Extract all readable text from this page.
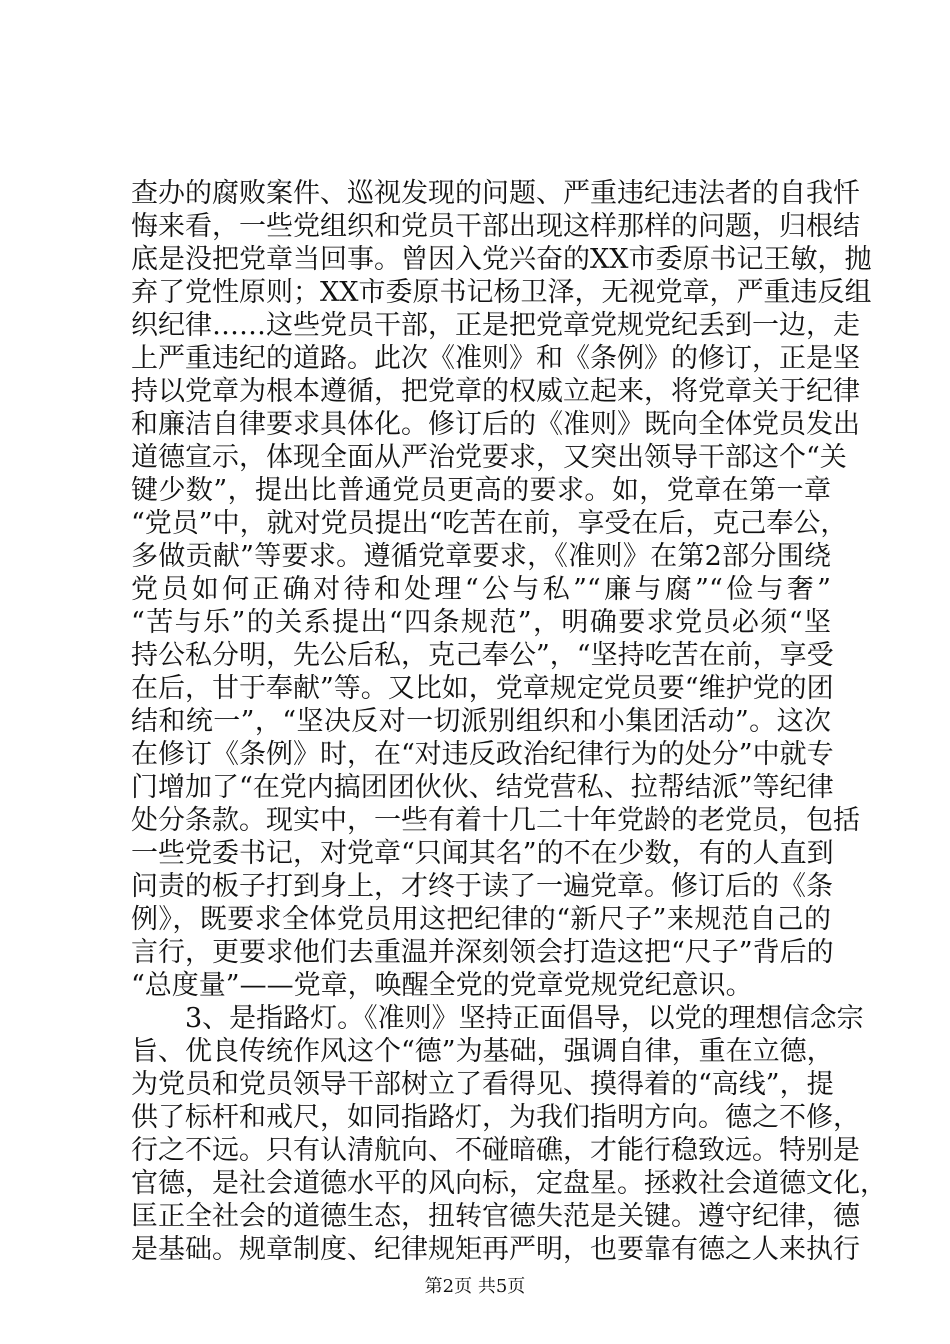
查办的腐败案件、巡视发现的问题、严重违纪违法者的自我忏
悔来看，一些党组织和党员干部出现这样那样的问题，归根结
底是没把党章当回事。曾因入党兴奋的XX市委原书记王敏，抛
弃了党性原则；XX市委原书记杨卫泽，无视党章，严重违反组
织纪律……这些党员干部，正是把党章党规党纪丢到一边，走
上严重违纪的道路。此次《准则》和《条例》的修订，正是坚
持以党章为根本遵循，把党章的权威立起来，将党章关于纪律
和廉洁自律要求具体化。修订后的《准则》既向全体党员发出
道德宣示，体现全面从严治党要求，又突出领导干部这个“关
键少数”，提出比普通党员更高的要求。如，党章在第一章
“党员”中，就对党员提出“吃苦在前，享受在后，克己奉公，
多做贡献”等要求。遵循党章要求，《准则》在第2部分围绕
党员如何正确对待和处理“公与私”“廉与腐”“俭与奢”
“苦与乐”的关系提出“四条规范”，明确要求党员必须“坚
持公私分明，先公后私，克己奉公”，“坚持吃苦在前，享受
在后，甘于奉献”等。又比如，党章规定党员要“维护党的团
结和统一”，“坚决反对一切派别组织和小集团活动”。这次
在修订《条例》时，在“对违反政治纪律行为的处分”中就专
门增加了“在党内搞团团伙伙、结党营私、拉帮结派”等纪律
处分条款。现实中，一些有着十几二十年党龄的老党员，包括
一些党委书记，对党章“只闻其名”的不在少数，有的人直到
问责的板子打到身上，才终于读了一遍党章。修订后的《条
例》，既要求全体党员用这把纪律的“新尺子”来规范自己的
言行，更要求他们去重温并深刻领会打造这把“尺子”背后的
“总度量”——党章，唤醒全党的党章党规党纪意识。
　　3、是指路灯。《准则》坚持正面倡导，以党的理想信念宗
旨、优良传统作风这个“德”为基础，强调自律，重在立德，
为党员和党员领导干部树立了看得见、摸得着的“高线”，提
供了标杆和戒尺，如同指路灯，为我们指明方向。德之不修，
行之不远。只有认清航向、不碰暗礁，才能行稳致远。特别是
官德，是社会道德水平的风向标，定盘星。拯救社会道德文化，
匡正全社会的道德生态，扭转官德失范是关键。遵守纪律，德
是基础。规章制度、纪律规矩再严明，也要靠有德之人来执行
第2页 共5页
